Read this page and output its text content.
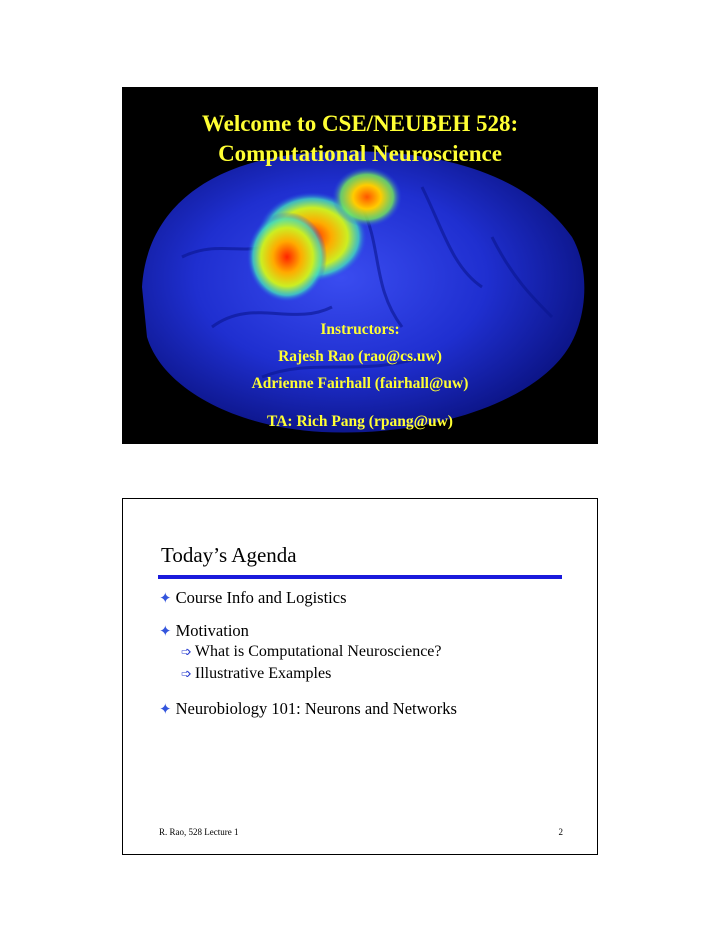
Welcome to CSE/NEUBEH 528:
Computational Neuroscience
Instructors:
Rajesh Rao (rao@cs.uw)
Adrienne Fairhall (fairhall@uw)
TA: Rich Pang (rpang@uw)
Today’s Agenda
✦ Course Info and Logistics
✦ Motivation
➩ What is Computational Neuroscience?
➩ Illustrative Examples
✦ Neurobiology 101: Neurons and Networks
R. Rao, 528 Lecture 1	2
